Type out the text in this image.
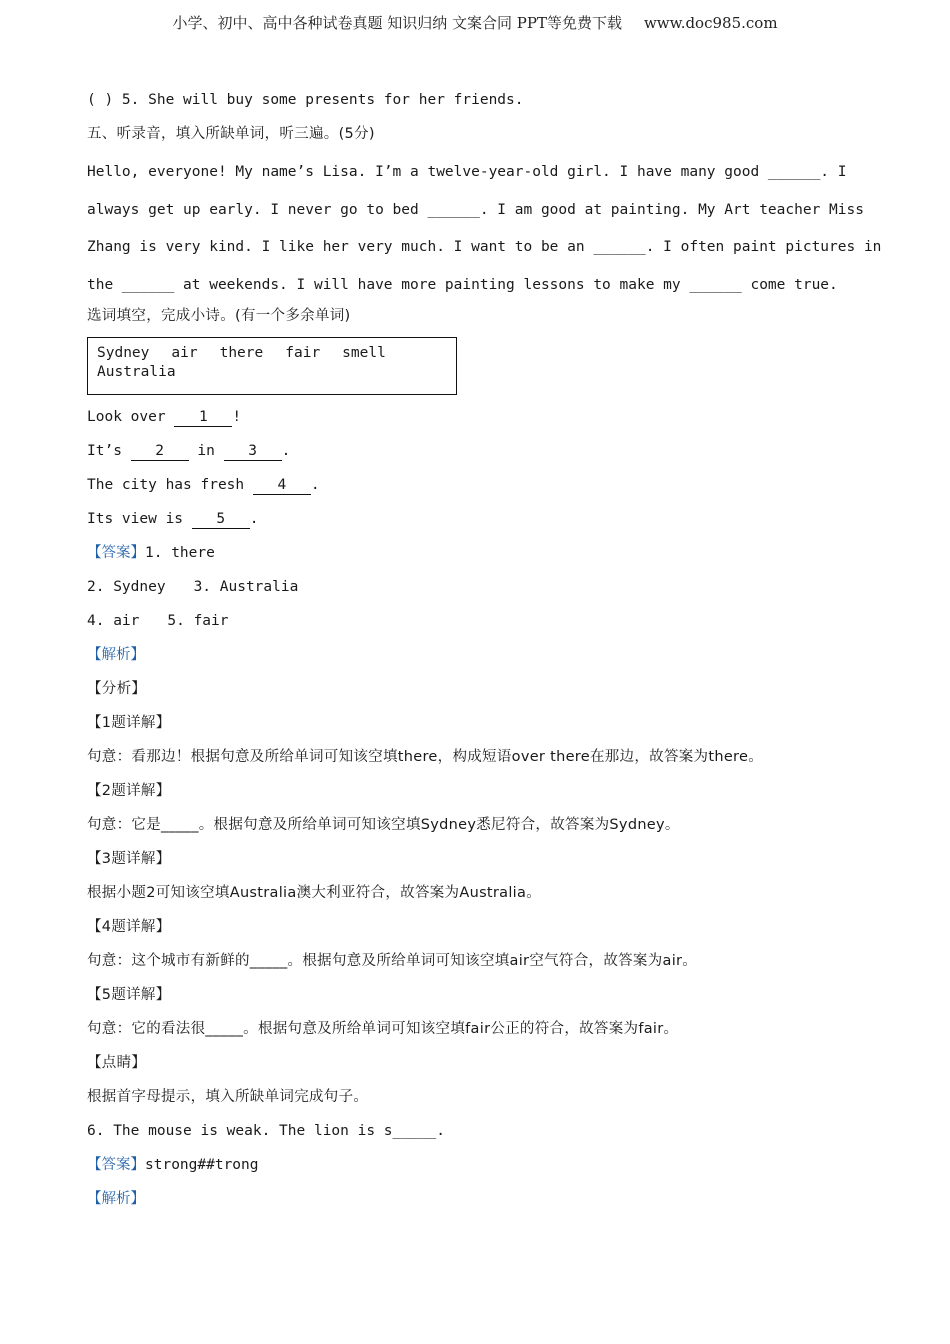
小学、初中、高中各种试卷真题 知识归纳 文案合同 PPT等免费下载 www.doc985.com

( ) 5. She will buy some presents for her friends.

五、听录音，填入所缺单词，听三遍。(5分)

Hello, everyone! My name’s Lisa. I’m a twelve-year-old girl. I have many good ______. I

always get up early. I never go to bed ______. I am good at painting. My Art teacher Miss

Zhang is very kind. I like her very much. I want to be an ______. I often paint pictures in

the ______ at weekends. I will have more painting lessons to make my ______ come true.

选词填空，完成小诗。(有一个多余单词)

Sydney air there fair smell
Australia

Look over 1 !

It’s 2 in 3 .

The city has fresh 4 .

Its view is 5 .

【答案】1. there

2. Sydney 3. Australia

4. air 5. fair

【解析】

【分析】

【1题详解】

句意：看那边！根据句意及所给单词可知该空填there，构成短语over there在那边，故答案为there。

【2题详解】

句意：它是_____。根据句意及所给单词可知该空填Sydney悉尼符合，故答案为Sydney。

【3题详解】

根据小题2可知该空填Australia澳大利亚符合，故答案为Australia。

【4题详解】

句意：这个城市有新鲜的_____。根据句意及所给单词可知该空填air空气符合，故答案为air。

【5题详解】

句意：它的看法很_____。根据句意及所给单词可知该空填fair公正的符合，故答案为fair。

【点睛】

根据首字母提示，填入所缺单词完成句子。

6. The mouse is weak. The lion is s_____.

【答案】strong##trong

【解析】
